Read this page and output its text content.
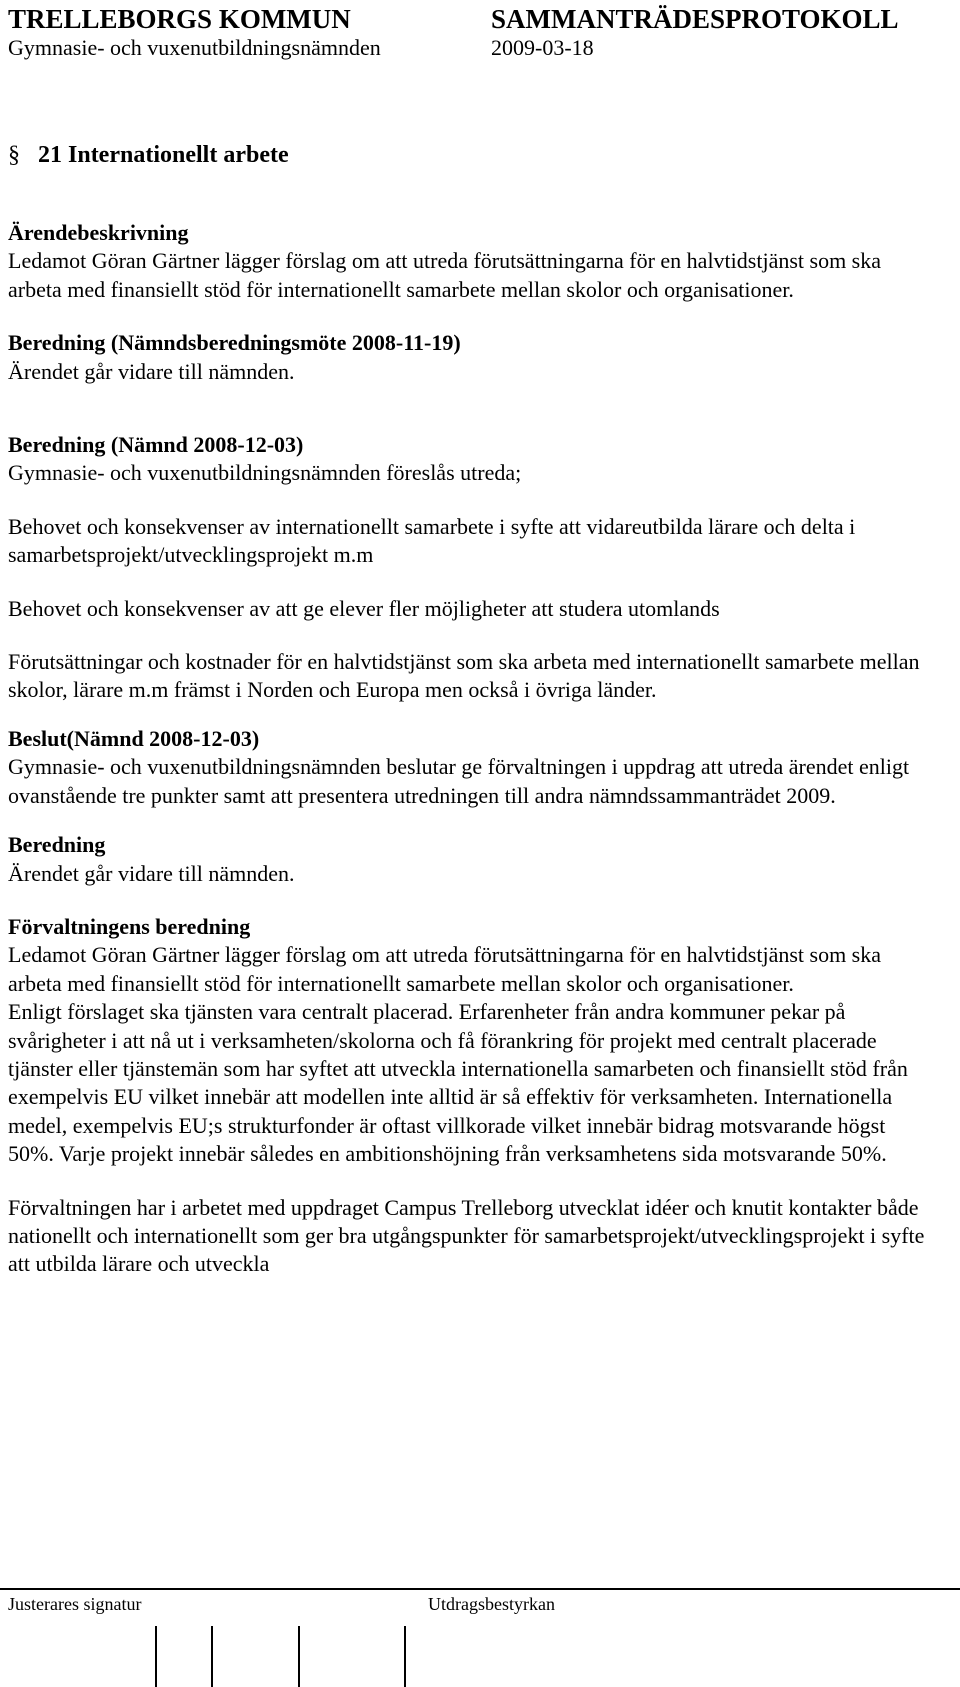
TRELLEBORGS KOMMUN	SAMMANTRÄDESPROTOKOLL
Gymnasie- och vuxenutbildningsnämnden	2009-03-18
§ 21 Internationellt arbete

Ärendebeskrivning

Ledamot Göran Gärtner lägger förslag om att utreda förutsättningarna för en halvtidstjänst som ska arbeta med finansiellt stöd för internationellt samarbete mellan skolor och organisationer.

Beredning (Nämndsberedningsmöte 2008-11-19)

Ärendet går vidare till nämnden.

Beredning (Nämnd 2008-12-03)

Gymnasie- och vuxenutbildningsnämnden föreslås utreda;

Behovet och konsekvenser av internationellt samarbete i syfte att vidareutbilda lärare och delta i samarbetsprojekt/utvecklingsprojekt m.m

Behovet och konsekvenser av att ge elever fler möjligheter att studera utomlands

Förutsättningar och kostnader för en halvtidstjänst som ska arbeta med internationellt samarbete mellan skolor, lärare m.m främst i Norden och Europa men också i övriga länder.

Beslut(Nämnd 2008-12-03)

Gymnasie- och vuxenutbildningsnämnden beslutar ge förvaltningen i uppdrag att utreda ärendet enligt ovanstående tre punkter samt att presentera utredningen till andra nämndssammanträdet 2009.

Beredning

Ärendet går vidare till nämnden.

Förvaltningens beredning

Ledamot Göran Gärtner lägger förslag om att utreda förutsättningarna för en halvtidstjänst som ska arbeta med finansiellt stöd för internationellt samarbete mellan skolor och organisationer.

Enligt förslaget ska tjänsten vara centralt placerad. Erfarenheter från andra kommuner pekar på svårigheter i att nå ut i verksamheten/skolorna och få förankring för projekt med centralt placerade tjänster eller tjänstemän som har syftet att utveckla internationella samarbeten och finansiellt stöd från exempelvis EU vilket innebär att modellen inte alltid är så effektiv för verksamheten. Internationella medel, exempelvis EU;s strukturfonder är oftast villkorade vilket innebär bidrag motsvarande högst 50%. Varje projekt innebär således en ambitionshöjning från verksamhetens sida motsvarande 50%.

Förvaltningen har i arbetet med uppdraget Campus Trelleborg utvecklat idéer och knutit kontakter både nationellt och internationellt som ger bra utgångspunkter för samarbetsprojekt/utvecklingsprojekt i syfte att utbilda lärare och utveckla

Justerares signatur	Utdragsbestyrkan
